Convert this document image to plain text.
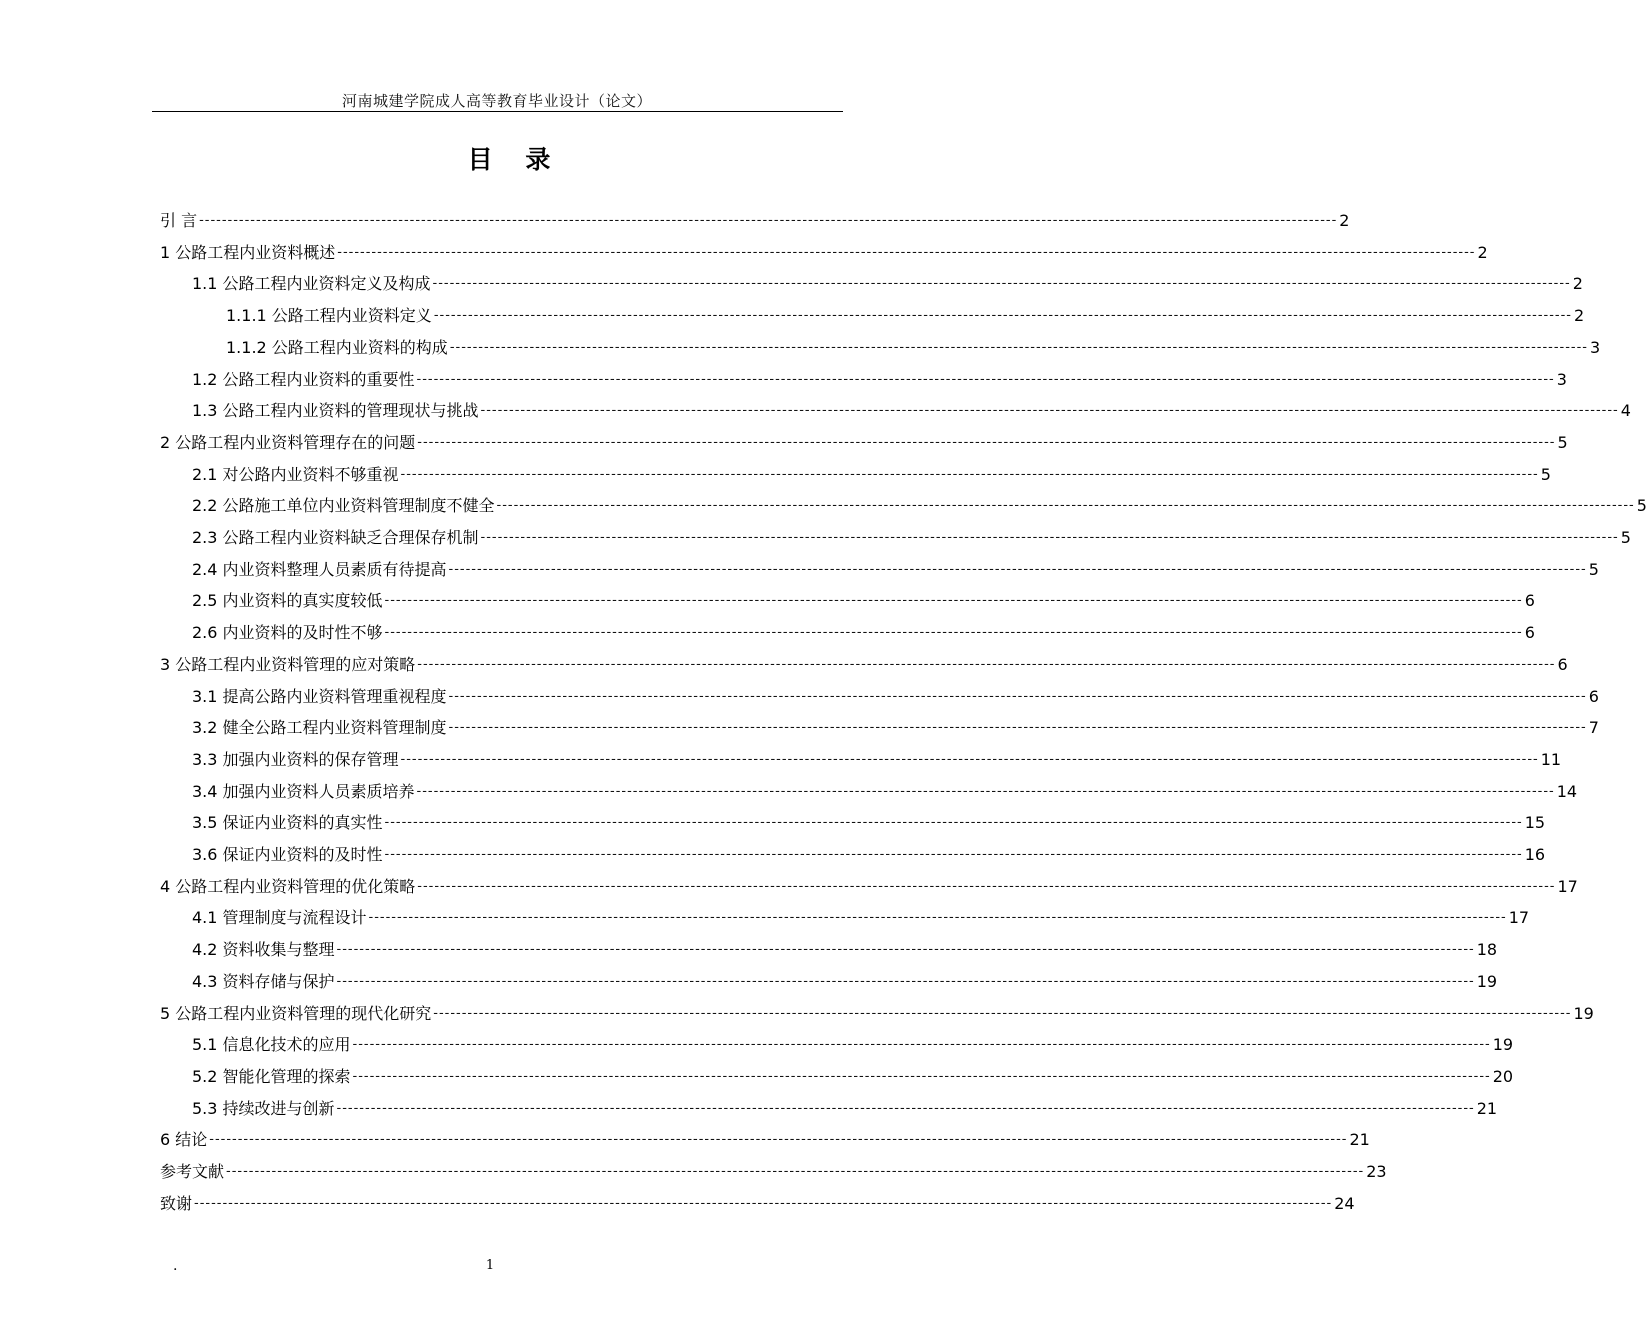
河南城建学院成人高等教育毕业设计（论文）
目 录
引 言 -------------------------------------------------------------------------------------------------------------------------------------------------------------------------------------------------------- 2
1 公路工程内业资料概述 -------------------------------------------------------------------------------------------------------------------------------------------------------------------------------------------------------- 2
1.1 公路工程内业资料定义及构成 -------------------------------------------------------------------------------------------------------------------------------------------------------------------------------------------------------- 2
1.1.1 公路工程内业资料定义 -------------------------------------------------------------------------------------------------------------------------------------------------------------------------------------------------------- 2
1.1.2 公路工程内业资料的构成 -------------------------------------------------------------------------------------------------------------------------------------------------------------------------------------------------------- 3
1.2 公路工程内业资料的重要性 -------------------------------------------------------------------------------------------------------------------------------------------------------------------------------------------------------- 3
1.3 公路工程内业资料的管理现状与挑战 -------------------------------------------------------------------------------------------------------------------------------------------------------------------------------------------------------- 4
2 公路工程内业资料管理存在的问题 -------------------------------------------------------------------------------------------------------------------------------------------------------------------------------------------------------- 5
2.1 对公路内业资料不够重视 -------------------------------------------------------------------------------------------------------------------------------------------------------------------------------------------------------- 5
2.2 公路施工单位内业资料管理制度不健全 -------------------------------------------------------------------------------------------------------------------------------------------------------------------------------------------------------- 5
2.3 公路工程内业资料缺乏合理保存机制 -------------------------------------------------------------------------------------------------------------------------------------------------------------------------------------------------------- 5
2.4 内业资料整理人员素质有待提高 -------------------------------------------------------------------------------------------------------------------------------------------------------------------------------------------------------- 5
2.5 内业资料的真实度较低 -------------------------------------------------------------------------------------------------------------------------------------------------------------------------------------------------------- 6
2.6 内业资料的及时性不够 -------------------------------------------------------------------------------------------------------------------------------------------------------------------------------------------------------- 6
3 公路工程内业资料管理的应对策略 -------------------------------------------------------------------------------------------------------------------------------------------------------------------------------------------------------- 6
3.1 提高公路内业资料管理重视程度 -------------------------------------------------------------------------------------------------------------------------------------------------------------------------------------------------------- 6
3.2 健全公路工程内业资料管理制度 -------------------------------------------------------------------------------------------------------------------------------------------------------------------------------------------------------- 7
3.3 加强内业资料的保存管理 -------------------------------------------------------------------------------------------------------------------------------------------------------------------------------------------------------- 11
3.4 加强内业资料人员素质培养 -------------------------------------------------------------------------------------------------------------------------------------------------------------------------------------------------------- 14
3.5 保证内业资料的真实性 -------------------------------------------------------------------------------------------------------------------------------------------------------------------------------------------------------- 15
3.6 保证内业资料的及时性 -------------------------------------------------------------------------------------------------------------------------------------------------------------------------------------------------------- 16
4 公路工程内业资料管理的优化策略 -------------------------------------------------------------------------------------------------------------------------------------------------------------------------------------------------------- 17
4.1 管理制度与流程设计 -------------------------------------------------------------------------------------------------------------------------------------------------------------------------------------------------------- 17
4.2 资料收集与整理 -------------------------------------------------------------------------------------------------------------------------------------------------------------------------------------------------------- 18
4.3 资料存储与保护 -------------------------------------------------------------------------------------------------------------------------------------------------------------------------------------------------------- 19
5 公路工程内业资料管理的现代化研究 -------------------------------------------------------------------------------------------------------------------------------------------------------------------------------------------------------- 19
5.1 信息化技术的应用 -------------------------------------------------------------------------------------------------------------------------------------------------------------------------------------------------------- 19
5.2 智能化管理的探索 -------------------------------------------------------------------------------------------------------------------------------------------------------------------------------------------------------- 20
5.3 持续改进与创新 -------------------------------------------------------------------------------------------------------------------------------------------------------------------------------------------------------- 21
6 结论 -------------------------------------------------------------------------------------------------------------------------------------------------------------------------------------------------------- 21
参考文献 -------------------------------------------------------------------------------------------------------------------------------------------------------------------------------------------------------- 23
致谢 -------------------------------------------------------------------------------------------------------------------------------------------------------------------------------------------------------- 24
.	1
